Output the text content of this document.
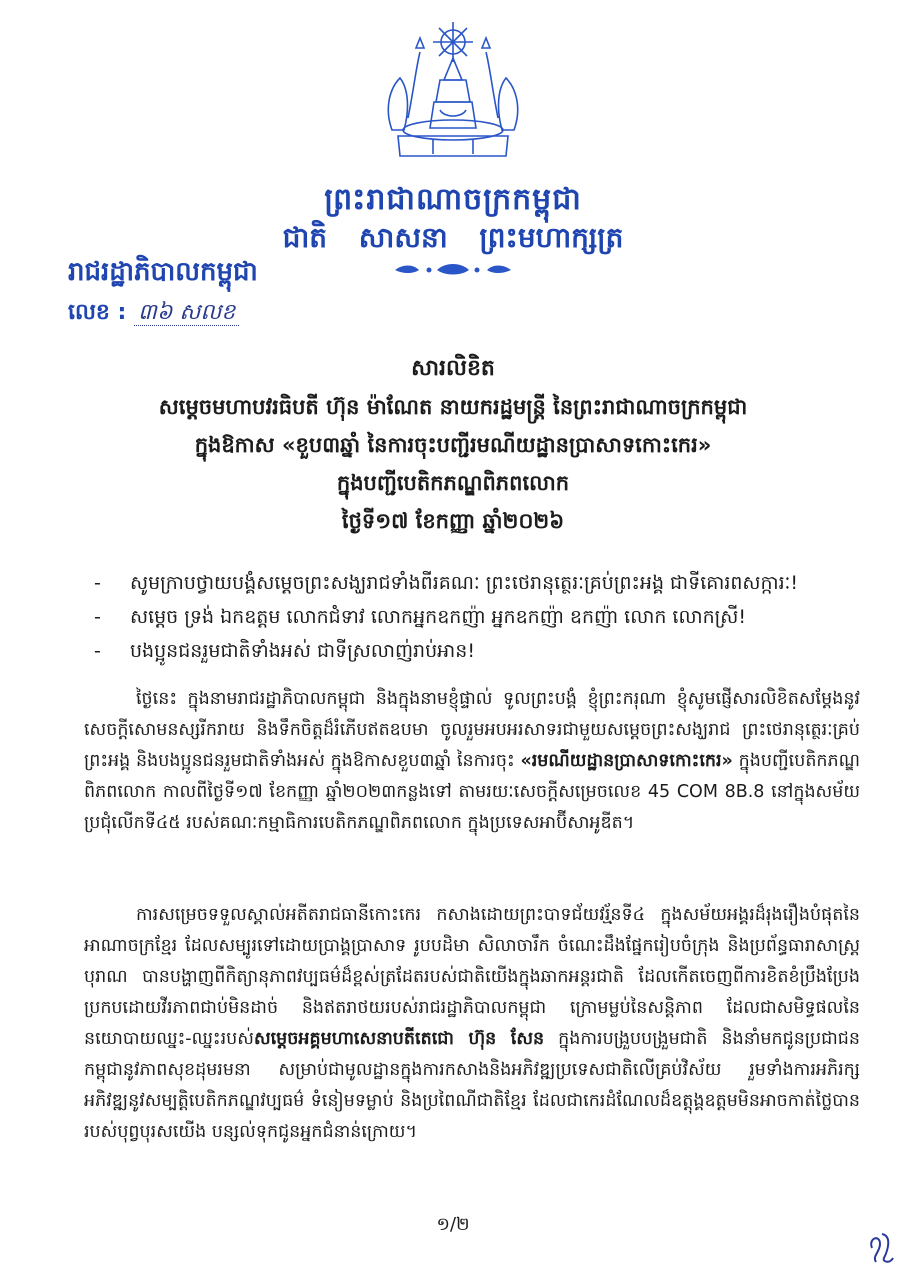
ព្រះរាជាណាចក្រកម្ពុជា
ជាតិ សាសនា ព្រះមហាក្សត្រ
រាជរដ្ឋាភិបាលកម្ពុជា
លេខ : ៣៦ សលខ
សារលិខិត
សម្ដេចមហាបវរធិបតី ហ៊ុន ម៉ាណែត នាយករដ្ឋមន្ត្រី នៃព្រះរាជាណាចក្រកម្ពុជា
ក្នុងឱកាស «ខួប៣ឆ្នាំ នៃការចុះបញ្ជីរមណីយដ្ឋានប្រាសាទកោះកេរ»
ក្នុងបញ្ជីបេតិកភណ្ឌពិភពលោក
ថ្ងៃទី១៧ ខែកញ្ញា ឆ្នាំ២០២៦
- សូមក្រាបថ្វាយបង្គំសម្ដេចព្រះសង្ឃរាជទាំងពីរគណៈ ព្រះថេរានុត្ថេរៈគ្រប់ព្រះអង្គ ជាទីគោរពសក្ការៈ!
- សម្ដេច ទ្រង់ ឯកឧត្តម លោកជំទាវ លោកអ្នកឧកញ៉ា អ្នកឧកញ៉ា ឧកញ៉ា លោក លោកស្រី!
- បងប្អូនជនរួមជាតិទាំងអស់ ជាទីស្រលាញ់រាប់អាន!

ថ្ងៃនេះ ក្នុងនាមរាជរដ្ឋាភិបាលកម្ពុជា និងក្នុងនាមខ្ញុំផ្ទាល់ ទូលព្រះបង្គំ ខ្ញុំព្រះករុណា ខ្ញុំសូមផ្ញើសារលិខិតសម្ដែងនូវសេចក្ដីសោមនស្សរីករាយ និងទឹកចិត្តដ៏រំភើបឥតឧបមា ចូលរួមអបអរសាទរជាមួយសម្ដេចព្រះសង្ឃរាជ ព្រះថេរានុត្ថេរៈគ្រប់ព្រះអង្គ និងបងប្អូនជនរួមជាតិទាំងអស់ ក្នុងឱកាសខួប៣ឆ្នាំ នៃការចុះ «រមណីយដ្ឋានប្រាសាទកោះកេរ» ក្នុងបញ្ជីបេតិកភណ្ឌពិភពលោក កាលពីថ្ងៃទី១៧ ខែកញ្ញា ឆ្នាំ២០២៣កន្លងទៅ តាមរយៈសេចក្ដីសម្រេចលេខ 45 COM 8B.8 នៅក្នុងសម័យប្រជុំលើកទី៤៥ របស់គណៈកម្មាធិការបេតិកភណ្ឌពិភពលោក ក្នុងប្រទេសអាប៊ីសាអូឌីត។

ការសម្រេចទទួលស្គាល់អតីតរាជធានីកោះកេរ កសាងដោយព្រះបាទជ័យវរ្ម័នទី៤ ក្នុងសម័យអង្គរដ៏រុងរឿងបំផុតនៃអាណាចក្រខ្មែរ ដែលសម្បូរទៅដោយប្រាង្គប្រាសាទ រូបបដិមា សិលាចារឹក ចំណេះដឹងផ្នែករៀបចំក្រុង និងប្រព័ន្ធធារាសាស្ត្របុរាណ បានបង្ហាញពីកិត្យានុភាពវប្បធម៌ដ៏ខ្ពស់ត្រដែតរបស់ជាតិយើងក្នុងឆាកអន្តរជាតិ ដែលកើតចេញពីការខិតខំប្រឹងប្រែងប្រកបដោយវីរភាពជាប់មិនដាច់ និងឥតរាថយរបស់រាជរដ្ឋាភិបាលកម្ពុជា ក្រោមម្លប់នៃសន្តិភាព ដែលជាសមិទ្ធផលនៃនយោបាយឈ្នះ-ឈ្នះរបស់សម្ដេចអគ្គមហាសេនាបតីតេជោ ហ៊ុន សែន ក្នុងការបង្រួបបង្រួមជាតិ និងនាំមកជូនប្រជាជនកម្ពុជានូវភាពសុខដុមរមនា សម្រាប់ជាមូលដ្ឋានក្នុងការកសាងនិងអភិវឌ្ឍប្រទេសជាតិលើគ្រប់វិស័យ រួមទាំងការអភិរក្ស អភិវឌ្ឍនូវសម្បត្តិបេតិកភណ្ឌវប្បធម៌ ទំនៀមទម្លាប់ និងប្រពៃណីជាតិខ្មែរ ដែលជាកេរដំណែលដ៏ឧត្តុង្គឧត្តមមិនអាចកាត់ថ្លៃបានរបស់បុព្វបុរសយើង បន្សល់ទុកជូនអ្នកជំនាន់ក្រោយ។

១/២
